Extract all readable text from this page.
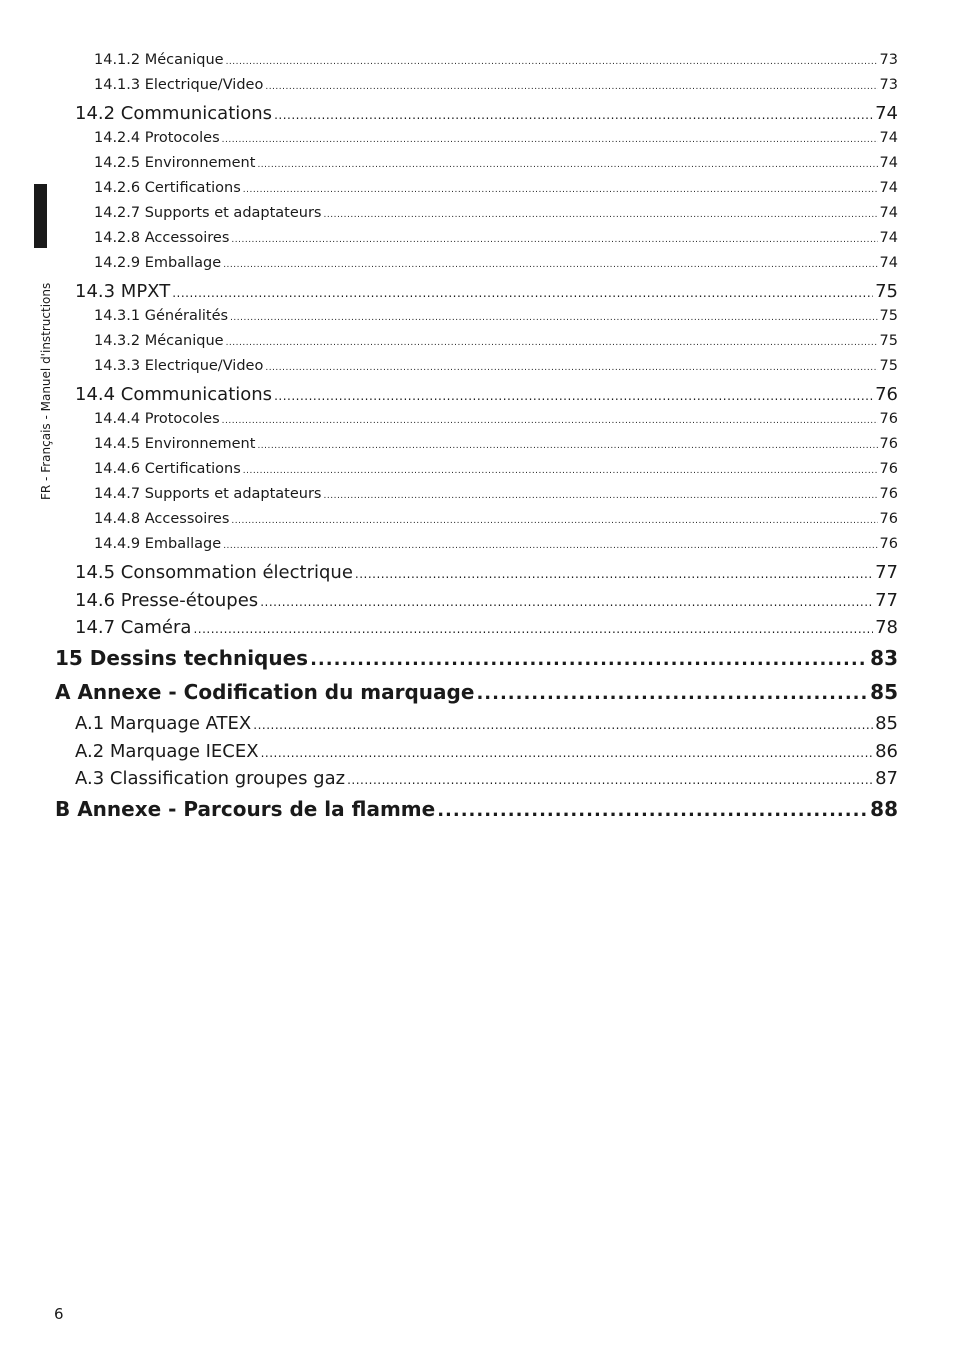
FR - Français - Manuel d'instructions
14.1.2 Mécanique .....	73
14.1.3 Electrique/Video .....	73
14.2 Communications .....	74
14.2.4 Protocoles .....	74
14.2.5 Environnement .....	74
14.2.6 Certifications .....	74
14.2.7 Supports et adaptateurs .....	74
14.2.8 Accessoires .....	74
14.2.9 Emballage .....	74
14.3 MPXT .....	75
14.3.1 Généralités .....	75
14.3.2 Mécanique .....	75
14.3.3 Electrique/Video .....	75
14.4 Communications .....	76
14.4.4 Protocoles .....	76
14.4.5 Environnement .....	76
14.4.6 Certifications .....	76
14.4.7 Supports et adaptateurs .....	76
14.4.8 Accessoires .....	76
14.4.9 Emballage .....	76
14.5 Consommation électrique .....	77
14.6 Presse-étoupes .....	77
14.7 Caméra .....	78
15 Dessins techniques .....	83
A Annexe - Codification du marquage .....	85
A.1 Marquage ATEX .....	85
A.2 Marquage IECEX .....	86
A.3 Classification groupes gaz .....	87
B Annexe - Parcours de la flamme .....	88
6
